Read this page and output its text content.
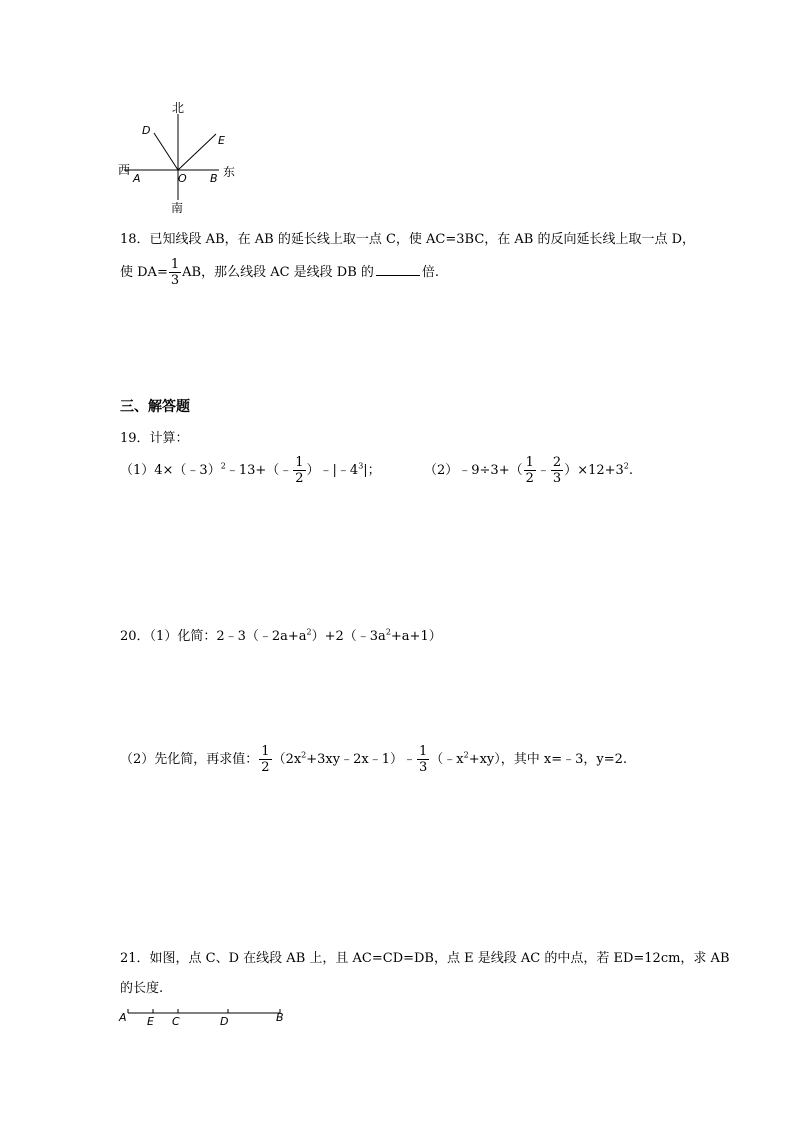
北
南
东
西
O
A	B
D
E
18．已知线段 AB，在 AB 的延长线上取一点 C，使 AC=3BC，在 AB 的反向延长线上取一点 D，
使 $DA= \frac{1}{3}$ AB，那么线段 AC 是线段 DB 的	倍.
三、解答题
19．计算：
（1）4×（﹣3）$^2$﹣13+（﹣ $\frac{1}{2}$ ）$﹣|﹣4^3|$；	（2）﹣9÷3+（ $\frac{1}{2}$ ﹣ $\frac{2}{3} )\times 12+3^2$.
20．（1）化简：$2﹣3(﹣2a+a^2)+2(﹣3a^2+a+1)$
（2）先化简，再求值： $\frac{1}{2}$ $(2x^2+3xy﹣2x﹣1)﹣ \frac{1}{3}$ $(﹣x^2+xy)$，其中 x=﹣3，y=2.
21．如图，点 C、D 在线段 AB 上，且 AC=CD=DB，点 E 是线段 AC 的中点，若 ED=12cm，求 AB
的长度.
A E C	D	B
